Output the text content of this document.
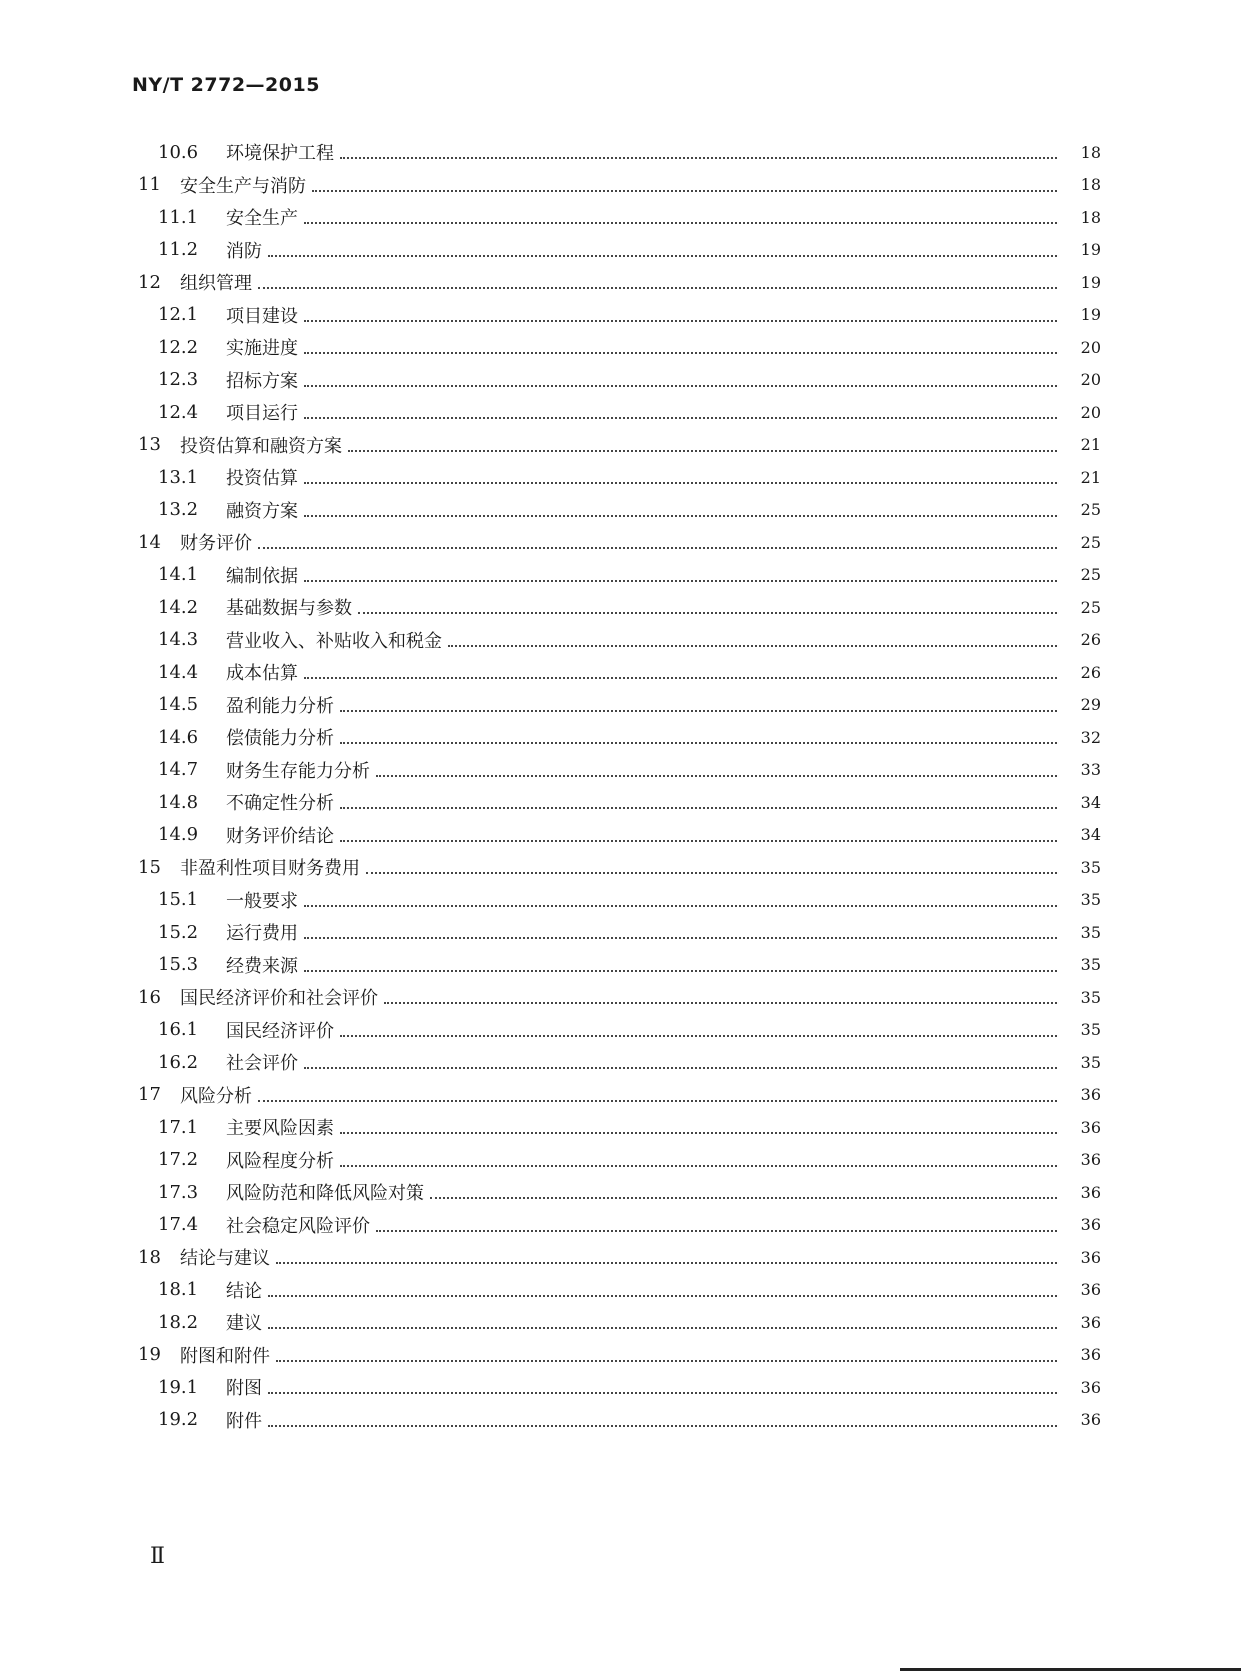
NY/T 2772—2015
10.6	环境保护工程	18
11	安全生产与消防	18
11.1	安全生产	18
11.2	消防	19
12	组织管理	19
12.1	项目建设	19
12.2	实施进度	20
12.3	招标方案	20
12.4	项目运行	20
13	投资估算和融资方案	21
13.1	投资估算	21
13.2	融资方案	25
14	财务评价	25
14.1	编制依据	25
14.2	基础数据与参数	25
14.3	营业收入、补贴收入和税金	26
14.4	成本估算	26
14.5	盈利能力分析	29
14.6	偿债能力分析	32
14.7	财务生存能力分析	33
14.8	不确定性分析	34
14.9	财务评价结论	34
15	非盈利性项目财务费用	35
15.1	一般要求	35
15.2	运行费用	35
15.3	经费来源	35
16	国民经济评价和社会评价	35
16.1	国民经济评价	35
16.2	社会评价	35
17	风险分析	36
17.1	主要风险因素	36
17.2	风险程度分析	36
17.3	风险防范和降低风险对策	36
17.4	社会稳定风险评价	36
18	结论与建议	36
18.1	结论	36
18.2	建议	36
19	附图和附件	36
19.1	附图	36
19.2	附件	36
Ⅱ
